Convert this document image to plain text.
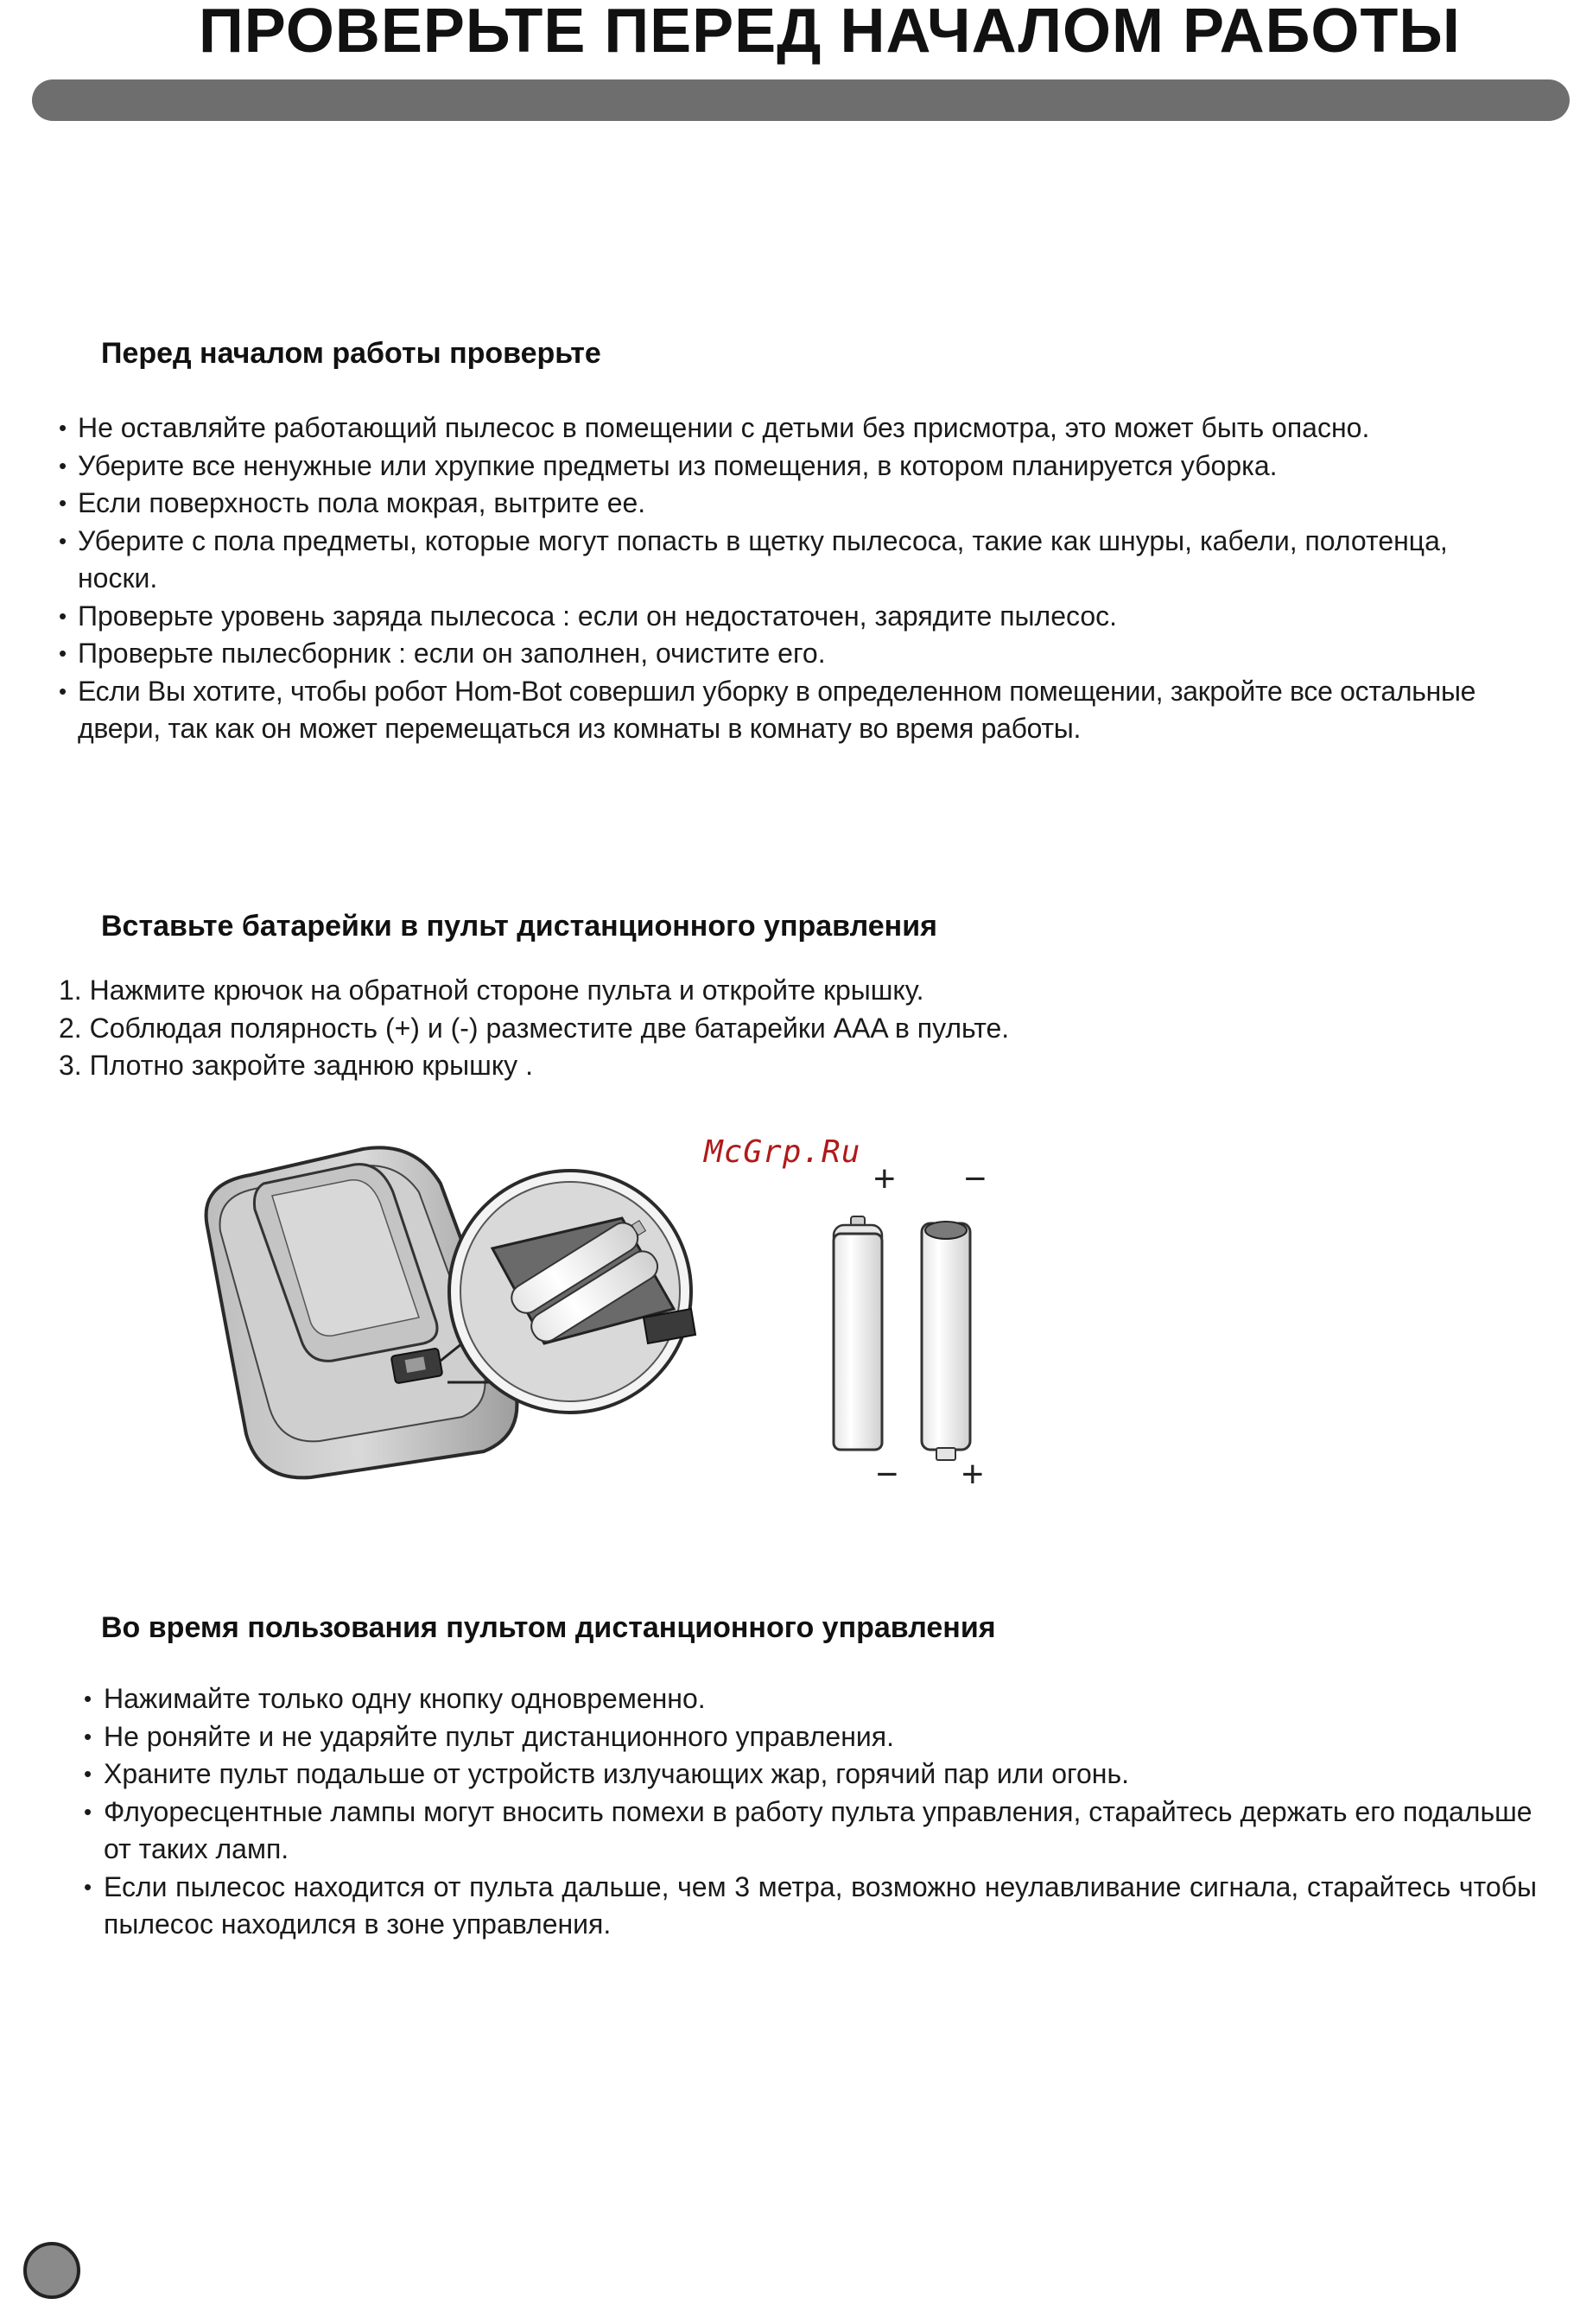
ПРОВЕРЬТЕ ПЕРЕД НАЧАЛОМ РАБОТЫ
Перед началом работы проверьте
• Не оставляйте работающий пылесос в помещении с детьми без присмотра, это может быть опасно.
• Уберите все ненужные или хрупкие предметы из помещения, в котором планируется уборка.
• Если поверхность пола мокрая, вытрите ее.
• Уберите с пола предметы, которые могут попасть в щетку пылесоса, такие как шнуры, кабели, полотенца, носки.
• Проверьте уровень заряда пылесоса : если он недостаточен, зарядите пылесос.
• Проверьте пылесборник : если он заполнен, очистите его.
• Если Вы хотите, чтобы робот Hom-Bot совершил уборку в определенном помещении, закройте все остальные двери, так как он может перемещаться из комнаты в комнату во время работы.
Вставьте батарейки в пульт дистанционного управления
1. Нажмите крючок на обратной стороне пульта и откройте крышку.
2. Соблюдая полярность (+) и (-) разместите две батарейки AAA в пульте.
3. Плотно закройте заднюю крышку .
McGrp.Ru
+ −
− +
Во время пользования пультом дистанционного управления
• Нажимайте только одну кнопку одновременно.
• Не роняйте и не ударяйте пульт дистанционного управления.
• Храните пульт подальше от устройств излучающих жар, горячий пар или огонь.
• Флуоресцентные лампы могут вносить помехи в работу пульта управления, старайтесь держать его подальше от таких ламп.
• Если пылесос находится от пульта дальше, чем 3 метра, возможно неулавливание сигнала, старайтесь чтобы пылесос находился в зоне управления.
